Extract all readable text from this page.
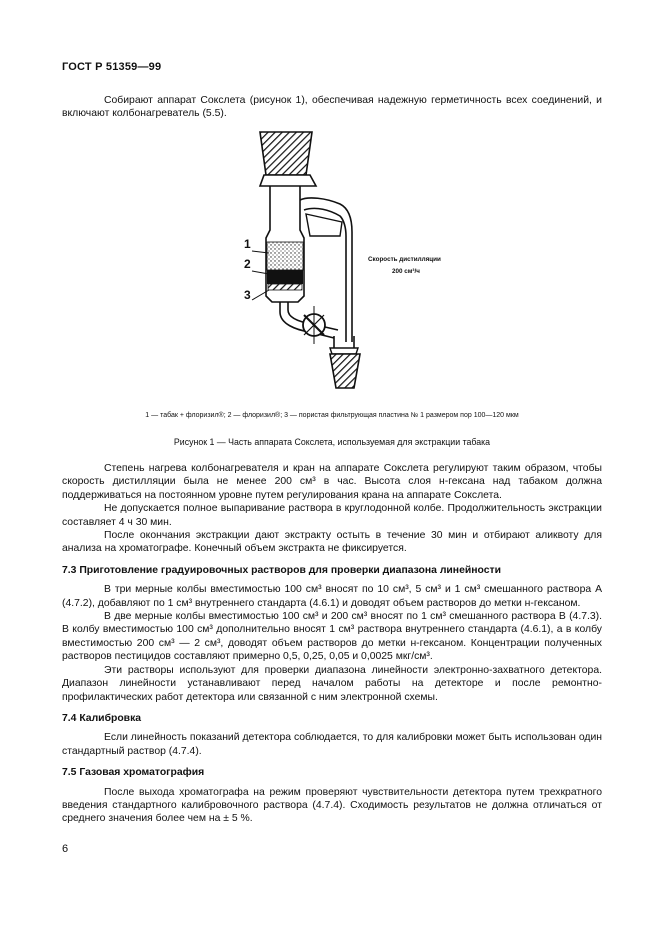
ГОСТ Р 51359—99

Собирают аппарат Сокслета (рисунок 1), обеспечивая надежную герметичность всех соединений, и включают колбонагреватель (5.5).

1
2
3
Скорость дистилляции
200 см³/ч
1 — табак + флоризил®; 2 — флоризил®; 3 — пористая фильтрующая пластина № 1 размером пор 100—120 мкм
Рисунок 1 — Часть аппарата Сокслета, используемая для экстракции табака

Степень нагрева колбонагревателя и кран на аппарате Сокслета регулируют таким образом, чтобы скорость дистилляции была не менее 200 см³ в час. Высота слоя н-гексана над табаком должна поддерживаться на постоянном уровне путем регулирования крана на аппарате Сокслета.

Не допускается полное выпаривание раствора в круглодонной колбе. Продолжительность экстракции составляет 4 ч 30 мин.

После окончания экстракции дают экстракту остыть в течение 30 мин и отбирают аликвоту для анализа на хроматографе. Конечный объем экстракта не фиксируется.

7.3 Приготовление градуировочных растворов для проверки диапазона линейности

В три мерные колбы вместимостью 100 см³ вносят по 10 см³, 5 см³ и 1 см³ смешанного раствора А (4.7.2), добавляют по 1 см³ внутреннего стандарта (4.6.1) и доводят объем растворов до метки н-гексаном.

В две мерные колбы вместимостью 100 см³ и 200 см³ вносят по 1 см³ смешанного раствора В (4.7.3). В колбу вместимостью 100 см³ дополнительно вносят 1 см³ раствора внутреннего стандарта (4.6.1), а в колбу вместимостью 200 см³ — 2 см³, доводят объем растворов до метки н-гексаном. Концентрации полученных растворов пестицидов составляют примерно 0,5, 0,25, 0,05 и 0,0025 мкг/см³.

Эти растворы используют для проверки диапазона линейности электронно-захватного детектора. Диапазон линейности устанавливают перед началом работы на детекторе и после ремонтно-профилактических работ детектора или связанной с ним электронной схемы.

7.4 Калибровка

Если линейность показаний детектора соблюдается, то для калибровки может быть использован один стандартный раствор (4.7.4).

7.5 Газовая хроматография

После выхода хроматографа на режим проверяют чувствительности детектора путем трехкратного введения стандартного калибровочного раствора (4.7.4). Сходимость результатов не должна отличаться от среднего значения более чем на ± 5 %.

6
